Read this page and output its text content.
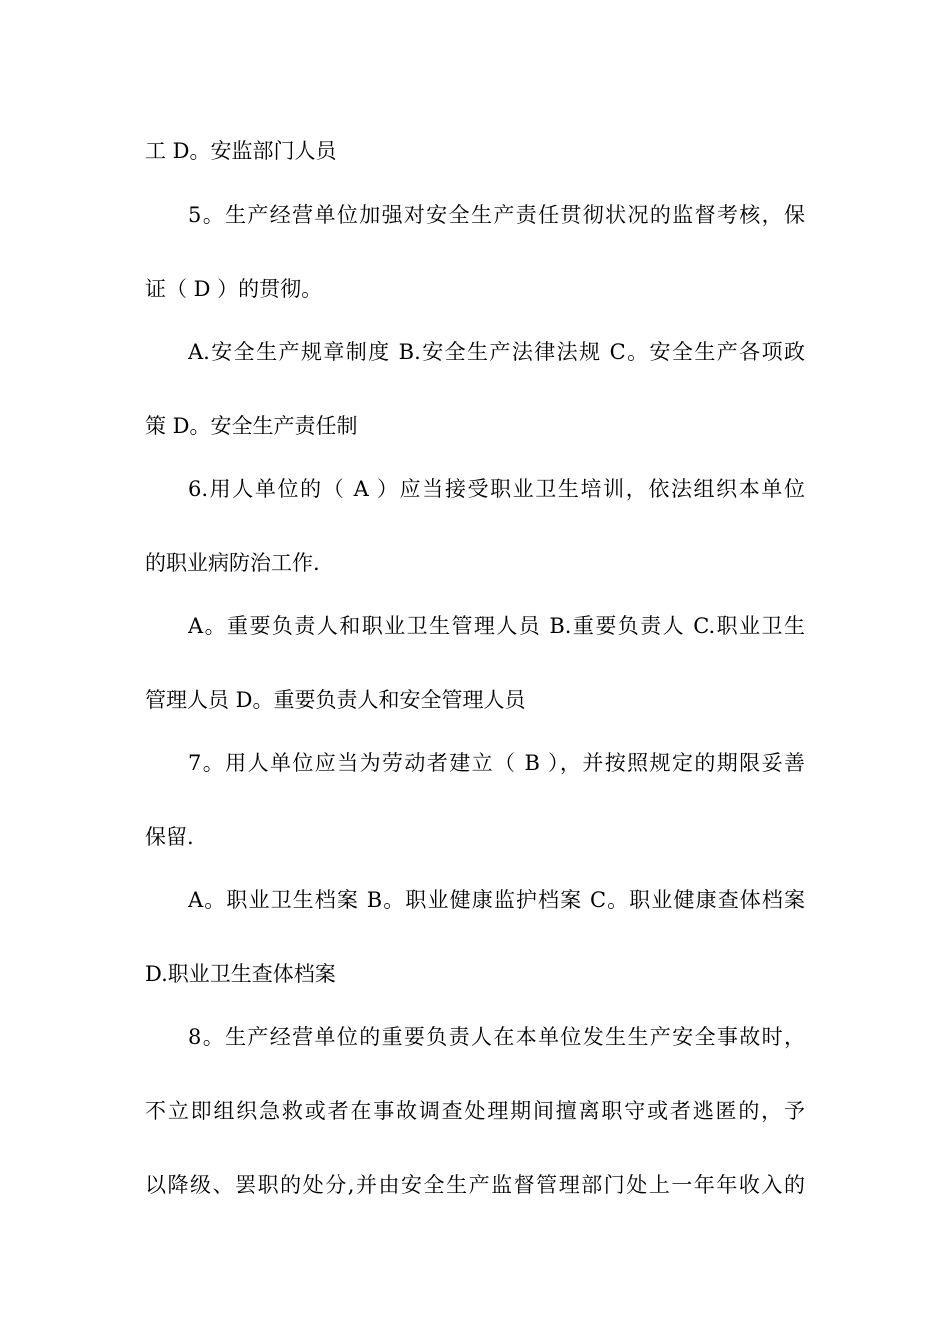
工 D。安监部门人员
5。生产经营单位加强对安全生产责任贯彻状况的监督考核，保
证（ D ）的贯彻。
A.安全生产规章制度 B.安全生产法律法规 C。安全生产各项政
策 D。安全生产责任制
6.用人单位的（ A ）应当接受职业卫生培训，依法组织本单位
的职业病防治工作.
A。重要负责人和职业卫生管理人员 B.重要负责人 C.职业卫生
管理人员 D。重要负责人和安全管理人员
7。用人单位应当为劳动者建立（ B ），并按照规定的期限妥善
保留.
A。职业卫生档案 B。职业健康监护档案 C。职业健康查体档案
D.职业卫生查体档案
8。生产经营单位的重要负责人在本单位发生生产安全事故时，
不立即组织急救或者在事故调查处理期间擅离职守或者逃匿的，予
以降级、罢职的处分,并由安全生产监督管理部门处上一年年收入的
